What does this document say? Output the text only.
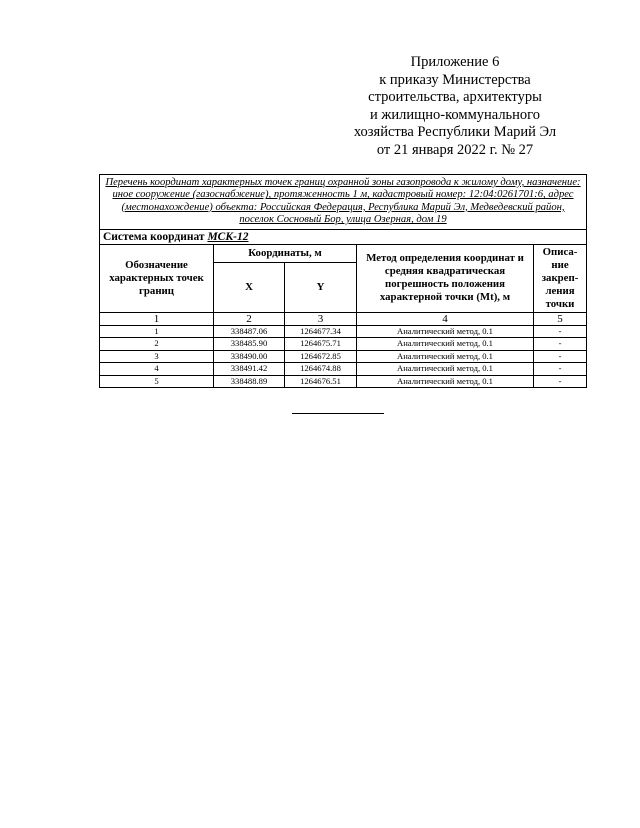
Приложение 6
к приказу Министерства
строительства, архитектуры
и жилищно-коммунального
хозяйства Республики Марий Эл
от 21 января 2022 г. № 27
Перечень координат характерных точек границ охранной зоны газопровода к жилому дому, назначение: иное сооружение (газоснабжение), протяженность 1 м, кадастровый номер: 12:04:0261701:6, адрес (местонахождение) объекта: Российская Федерация, Республика Марий Эл, Медведевский район, поселок Сосновый Бор, улица Озерная, дом 19				
Система координат МСК-12				
Обозначение характерных точек границ	Координаты, м		Метод определения координат и средняя квадратическая погрешность положения характерной точки (Mt), м	Описа-
ние
закреп-
ления
точки
	X	Y		
1	2	3	4	5
1	338487.06	1264677.34	Аналитический метод, 0.1	-
2	338485.90	1264675.71	Аналитический метод, 0.1	-
3	338490.00	1264672.85	Аналитический метод, 0.1	-
4	338491.42	1264674.88	Аналитический метод, 0.1	-
5	338488.89	1264676.51	Аналитический метод, 0.1	-
